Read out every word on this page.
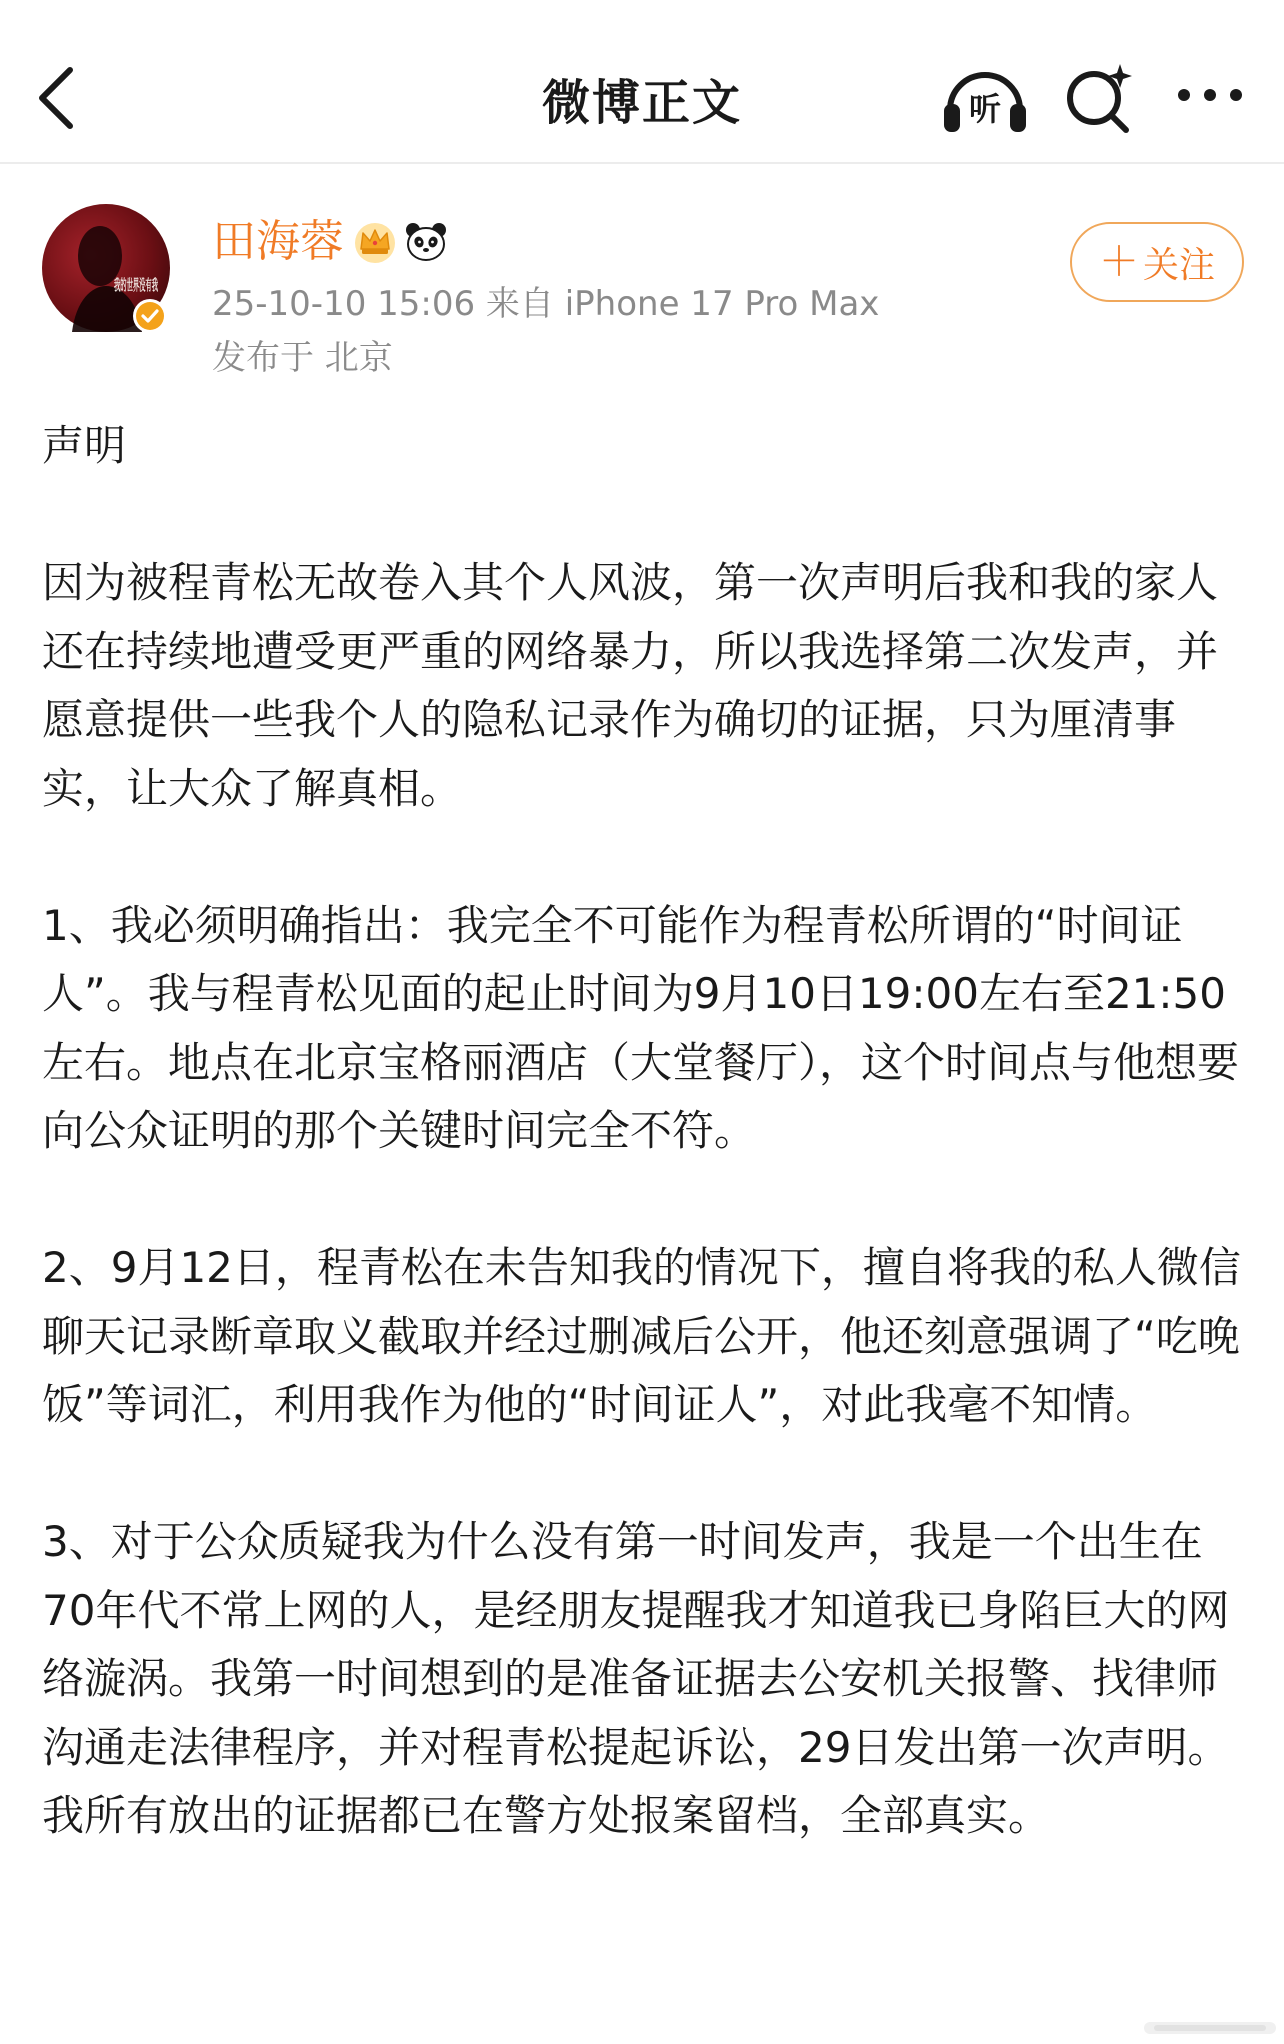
微博正文	听
我的世界没有我
田海蓉
25-10-10 15:06 来自 iPhone 17 Pro Max
发布于 北京
＋ 关注

声明

因为被程青松无故卷入其个人风波，第一次声明后我和我的家人还在持续地遭受更严重的网络暴力，所以我选择第二次发声，并愿意提供一些我个人的隐私记录作为确切的证据，只为厘清事实，让大众了解真相。

1、我必须明确指出：我完全不可能作为程青松所谓的“时间证人”。我与程青松见面的起止时间为9月10日19:00左右至21:50左右。地点在北京宝格丽酒店（大堂餐厅），这个时间点与他想要向公众证明的那个关键时间完全不符。

2、9月12日，程青松在未告知我的情况下，擅自将我的私人微信聊天记录断章取义截取并经过删减后公开，他还刻意强调了“吃晚饭”等词汇，利用我作为他的“时间证人”，对此我毫不知情。

3、对于公众质疑我为什么没有第一时间发声，我是一个出生在70年代不常上网的人，是经朋友提醒我才知道我已身陷巨大的网络漩涡。我第一时间想到的是准备证据去公安机关报警、找律师沟通走法律程序，并对程青松提起诉讼，29日发出第一次声明。我所有放出的证据都已在警方处报案留档，全部真实。
